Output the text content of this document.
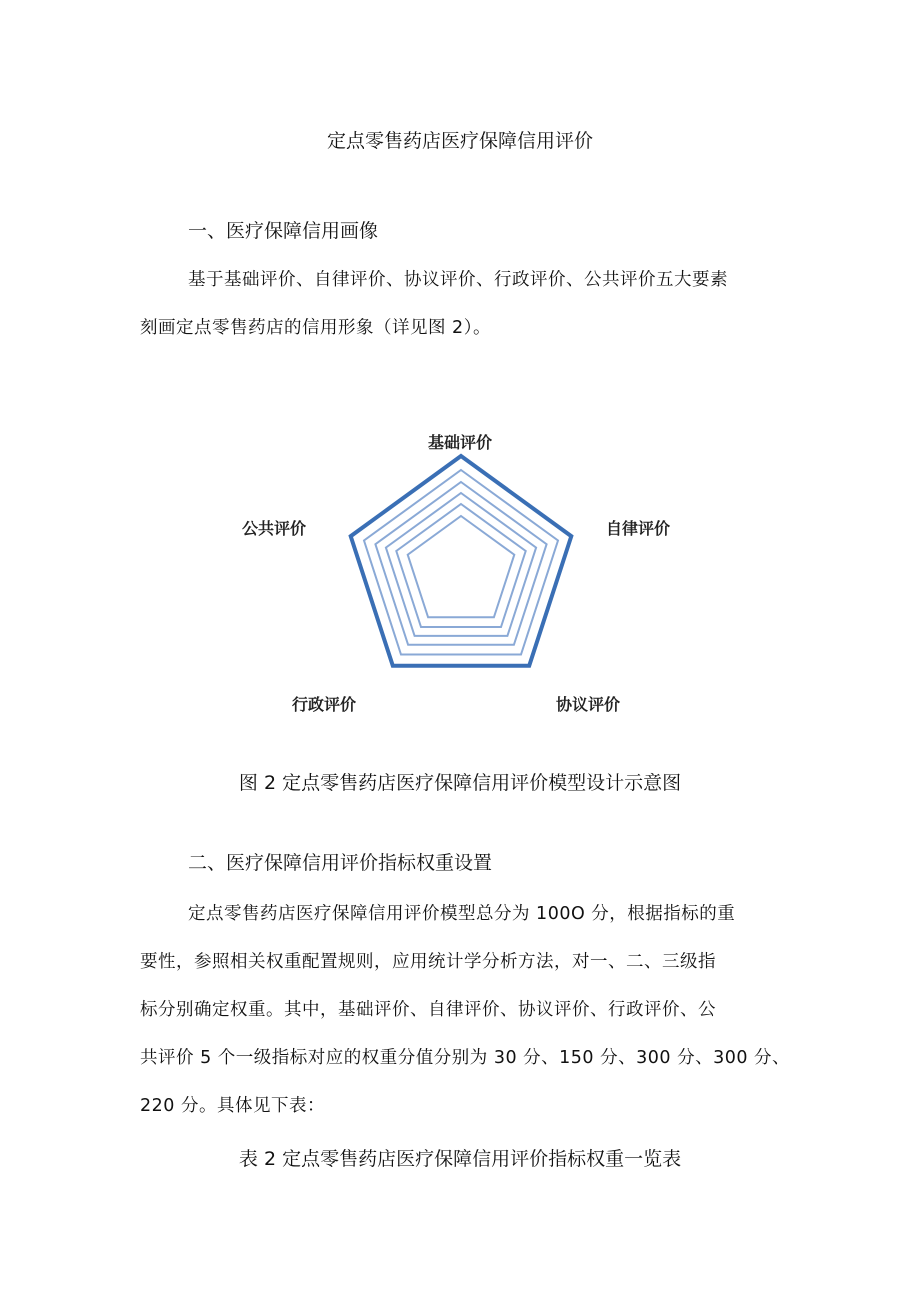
定点零售药店医疗保障信用评价
一、医疗保障信用画像
基于基础评价、自律评价、协议评价、行政评价、公共评价五大要素
刻画定点零售药店的信用形象（详见图 2）。
基础评价
自律评价
协议评价
行政评价
公共评价
图 2 定点零售药店医疗保障信用评价模型设计示意图
二、医疗保障信用评价指标权重设置
定点零售药店医疗保障信用评价模型总分为 100O 分，根据指标的重
要性，参照相关权重配置规则，应用统计学分析方法，对一、二、三级指
标分别确定权重。其中，基础评价、自律评价、协议评价、行政评价、公
共评价 5 个一级指标对应的权重分值分别为 30 分、150 分、300 分、300 分、
220 分。具体见下表：
表 2 定点零售药店医疗保障信用评价指标权重一览表
